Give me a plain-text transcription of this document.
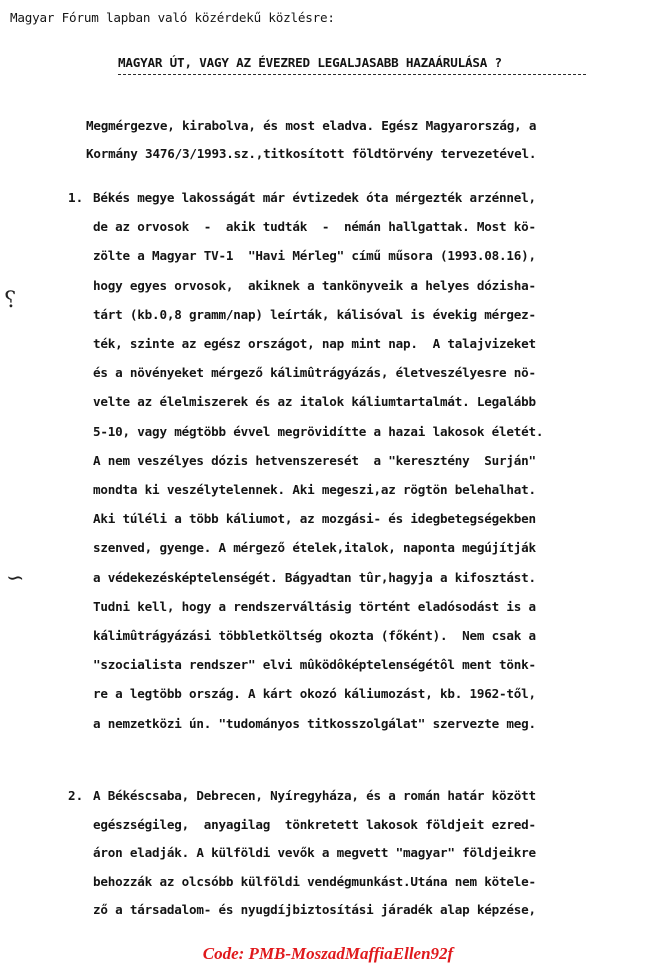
Magyar Fórum lapban való közérdekű közlésre:
MAGYAR ÚT, VAGY AZ ÉVEZRED LEGALJASABB HAZAÁRULÁSA ?
Megmérgezve, kirabolva, és most eladva. Egész Magyarország, a
Kormány 3476/3/1993.sz.,titkosított földtörvény tervezetével.
1. Békés megye lakosságát már évtizedek óta mérgezték arzénnel,
de az orvosok  -  akik tudták  -  némán hallgattak. Most kö-
zölte a Magyar TV-1  "Havi Mérleg" című műsora (1993.08.16),
hogy egyes orvosok,  akiknek a tankönyveik a helyes dózisha-
tárt (kb.0,8 gramm/nap) leírták, kálisóval is évekig mérgez-
ték, szinte az egész országot, nap mint nap.  A talajvizeket
és a növényeket mérgező kálimûtrágyázás, életveszélyesre nö-
velte az élelmiszerek és az italok káliumtartalmát. Legalább
5-10, vagy mégtöbb évvel megrövidítte a hazai lakosok életét.
A nem veszélyes dózis hetvenszeresét  a "keresztény  Surján"
mondta ki veszélytelennek. Aki megeszi,az rögtön belehalhat.
Aki túléli a több káliumot, az mozgási- és idegbetegségekben
szenved, gyenge. A mérgező ételek,italok, naponta megújítják
a védekezésképtelenségét. Bágyadtan tûr,hagyja a kifosztást.
Tudni kell, hogy a rendszerváltásig történt eladósodást is a
kálimûtrágyázási többletköltség okozta (főként).  Nem csak a
"szocialista rendszer" elvi mûködôképtelenségétôl ment tönk-
re a legtöbb ország. A kárt okozó káliumozást, kb. 1962-től,
a nemzetközi ún. "tudományos titkosszolgálat" szervezte meg.
2. A Békéscsaba, Debrecen, Nyíregyháza, és a román határ között
egészségileg,  anyagilag  tönkretett lakosok földjeit ezred-
áron eladják. A külföldi vevők a megvett "magyar" földjeikre
behozzák az olcsóbb külföldi vendégmunkást.Utána nem kötele-
ző a társadalom- és nyugdíjbiztosítási járadék alap képzése,
⸮
∽
Code: PMB-MoszadMaffiaEllen92f
